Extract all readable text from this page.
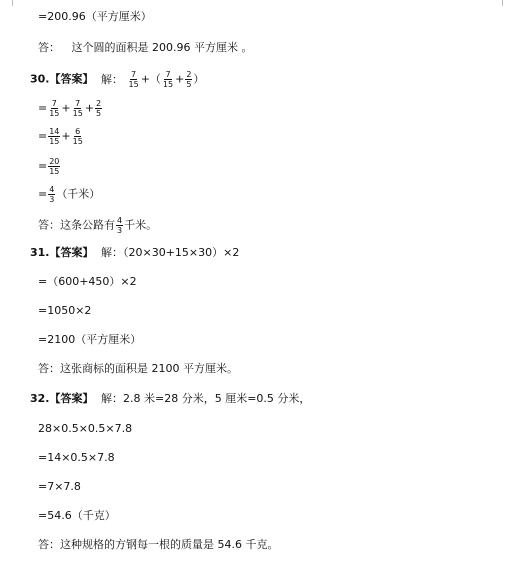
=200.96（平方厘米）
答： 这个圆的面积是 200.96 平方厘米 。
30.【答案】 解： $\frac{7}{15}$ +（ $\frac{7}{15} + \frac{2}{5}$ ）
= $\frac{7}{15} + \frac{7}{15} + \frac{2}{5}$
= $\frac{14}{15} + \frac{6}{15}$
= $\frac{20}{15}$
= $\frac{4}{3}$ （千米）
答：这条公路有 $\frac{4}{3}$ 千米。
31.【答案】 解：（20×30+15×30）×2
=（600+450）×2
=1050×2
=2100（平方厘米）
答：这张商标的面积是 2100 平方厘米。
32.【答案】 解：2.8 米=28 分米，5 厘米=0.5 分米，
28×0.5×0.5×7.8
=14×0.5×7.8
=7×7.8
=54.6（千克）
答：这种规格的方钢每一根的质量是 54.6 千克。
